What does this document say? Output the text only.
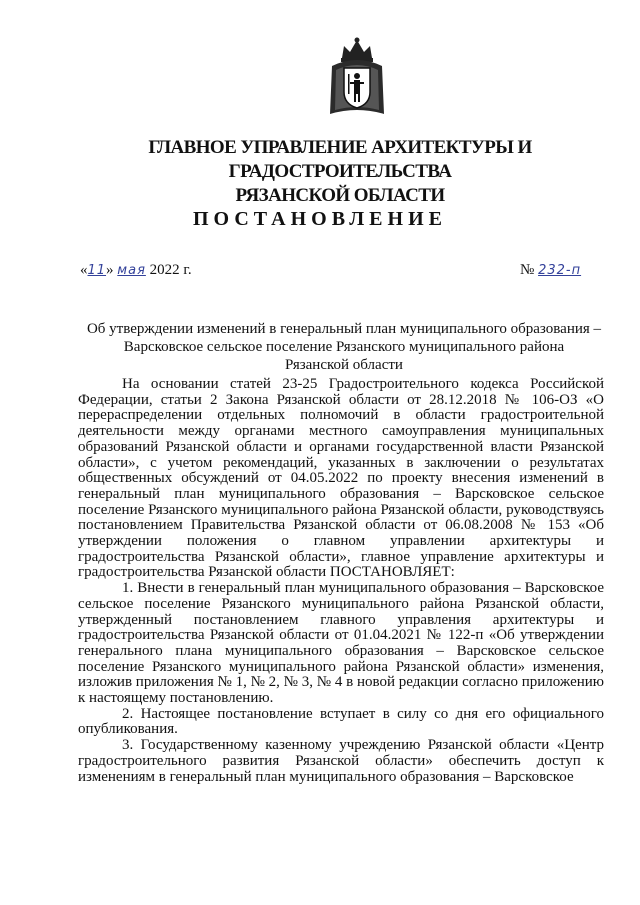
ГЛАВНОЕ УПРАВЛЕНИЕ АРХИТЕКТУРЫ И ГРАДОСТРОИТЕЛЬСТВА
РЯЗАНСКОЙ ОБЛАСТИ
ПОСТАНОВЛЕНИЕ
«11» мая 2022 г.	№ 232-п
Об утверждении изменений в генеральный план муниципального образования –
Варсковское сельское поселение Рязанского муниципального района
Рязанской области

На основании статей 23-25 Градостроительного кодекса Российской Федерации, статьи 2 Закона Рязанской области от 28.12.2018 № 106-ОЗ «О перераспределении отдельных полномочий в области градостроительной деятельности между органами местного самоуправления муниципальных образований Рязанской области и органами государственной власти Рязанской области», с учетом рекомендаций, указанных в заключении о результатах общественных обсуждений от 04.05.2022 по проекту внесения изменений в генеральный план муниципального образования – Варсковское сельское поселение Рязанского муниципального района Рязанской области, руководствуясь постановлением Правительства Рязанской области от 06.08.2008 № 153 «Об утверждении положения о главном управлении архитектуры и градостроительства Рязанской области», главное управление архитектуры и градостроительства Рязанской области ПОСТАНОВЛЯЕТ:

1. Внести в генеральный план муниципального образования – Варсковское сельское поселение Рязанского муниципального района Рязанской области, утвержденный постановлением главного управления архитектуры и градостроительства Рязанской области от 01.04.2021 № 122-п «Об утверждении генерального плана муниципального образования – Варсковское сельское поселение Рязанского муниципального района Рязанской области» изменения, изложив приложения № 1, № 2, № 3, № 4 в новой редакции согласно приложению к настоящему постановлению.

2. Настоящее постановление вступает в силу со дня его официального опубликования.

3. Государственному казенному учреждению Рязанской области «Центр градостроительного развития Рязанской области» обеспечить доступ к изменениям в генеральный план муниципального образования – Варсковское
